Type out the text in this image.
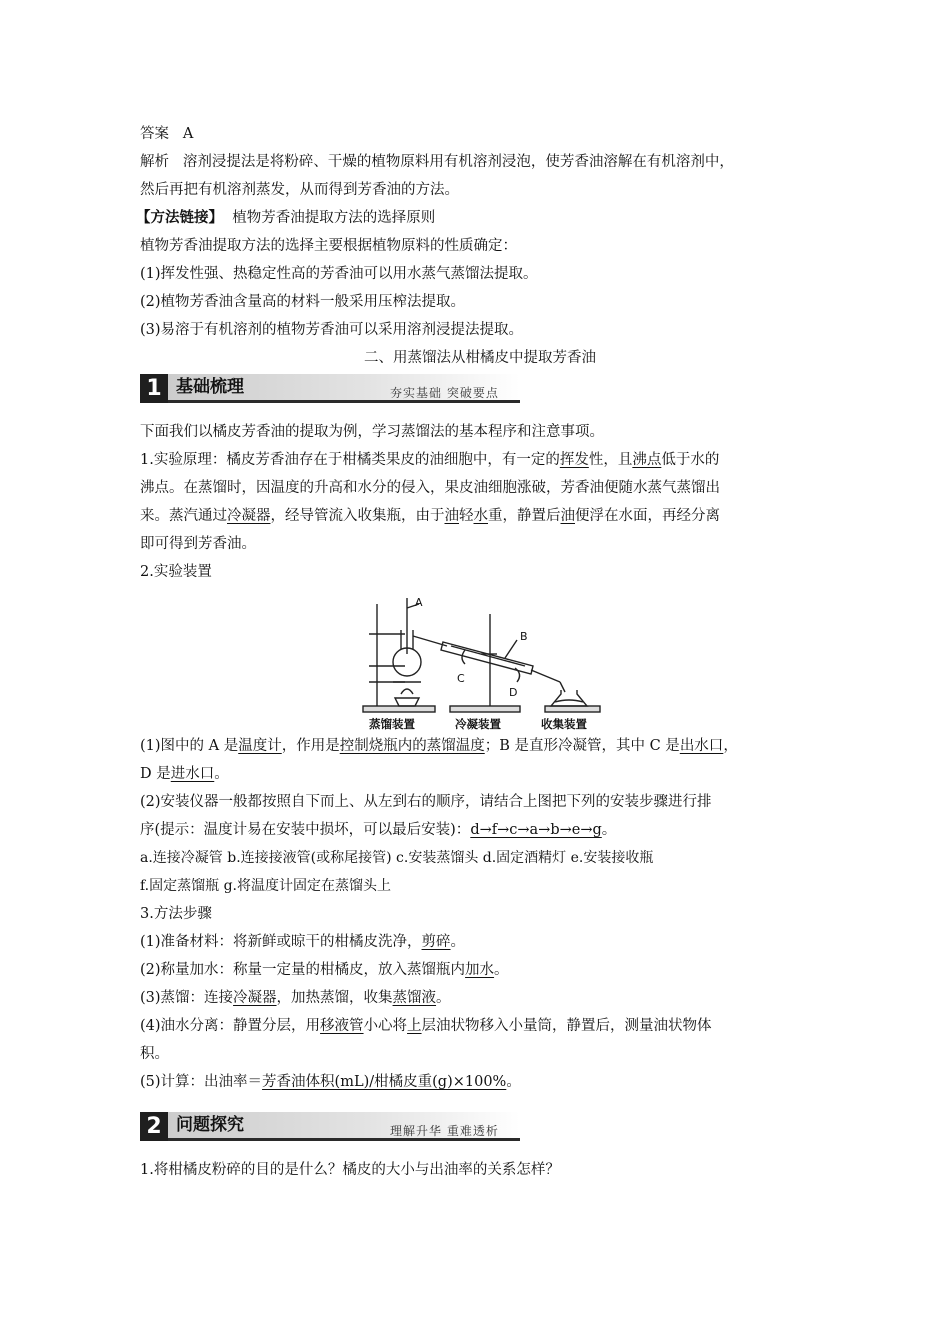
答案 A
解析 溶剂浸提法是将粉碎、干燥的植物原料用有机溶剂浸泡，使芳香油溶解在有机溶剂中，
然后再把有机溶剂蒸发，从而得到芳香油的方法。
【方法链接】 植物芳香油提取方法的选择原则
植物芳香油提取方法的选择主要根据植物原料的性质确定：
(1)挥发性强、热稳定性高的芳香油可以用水蒸气蒸馏法提取。
(2)植物芳香油含量高的材料一般采用压榨法提取。
(3)易溶于有机溶剂的植物芳香油可以采用溶剂浸提法提取。
二、用蒸馏法从柑橘皮中提取芳香油
1 基础梳理	夯实基础 突破要点
下面我们以橘皮芳香油的提取为例，学习蒸馏法的基本程序和注意事项。
1.实验原理：橘皮芳香油存在于柑橘类果皮的油细胞中，有一定的挥发性，且沸点低于水的
沸点。在蒸馏时，因温度的升高和水分的侵入，果皮油细胞涨破，芳香油便随水蒸气蒸馏出
来。蒸汽通过冷凝器，经导管流入收集瓶，由于油轻水重，静置后油便浮在水面，再经分离
即可得到芳香油。
2.实验装置
A
B
C
D
蒸馏装置	冷凝装置	收集装置
(1)图中的 A 是温度计，作用是控制烧瓶内的蒸馏温度；B 是直形冷凝管，其中 C 是出水口，
D 是进水口。
(2)安装仪器一般都按照自下而上、从左到右的顺序，请结合上图把下列的安装步骤进行排
序(提示：温度计易在安装中损坏，可以最后安装)：d→f→c→a→b→e→g。
a.连接冷凝管 b.连接接液管(或称尾接管) c.安装蒸馏头 d.固定酒精灯 e.安装接收瓶
f.固定蒸馏瓶 g.将温度计固定在蒸馏头上
3.方法步骤
(1)准备材料：将新鲜或晾干的柑橘皮洗净，剪碎。
(2)称量加水：称量一定量的柑橘皮，放入蒸馏瓶内加水。
(3)蒸馏：连接冷凝器，加热蒸馏，收集蒸馏液。
(4)油水分离：静置分层，用移液管小心将上层油状物移入小量筒，静置后，测量油状物体
积。
(5)计算：出油率＝芳香油体积(mL)/柑橘皮重(g)×100%。
2 问题探究	理解升华 重难透析
1.将柑橘皮粉碎的目的是什么？橘皮的大小与出油率的关系怎样？
